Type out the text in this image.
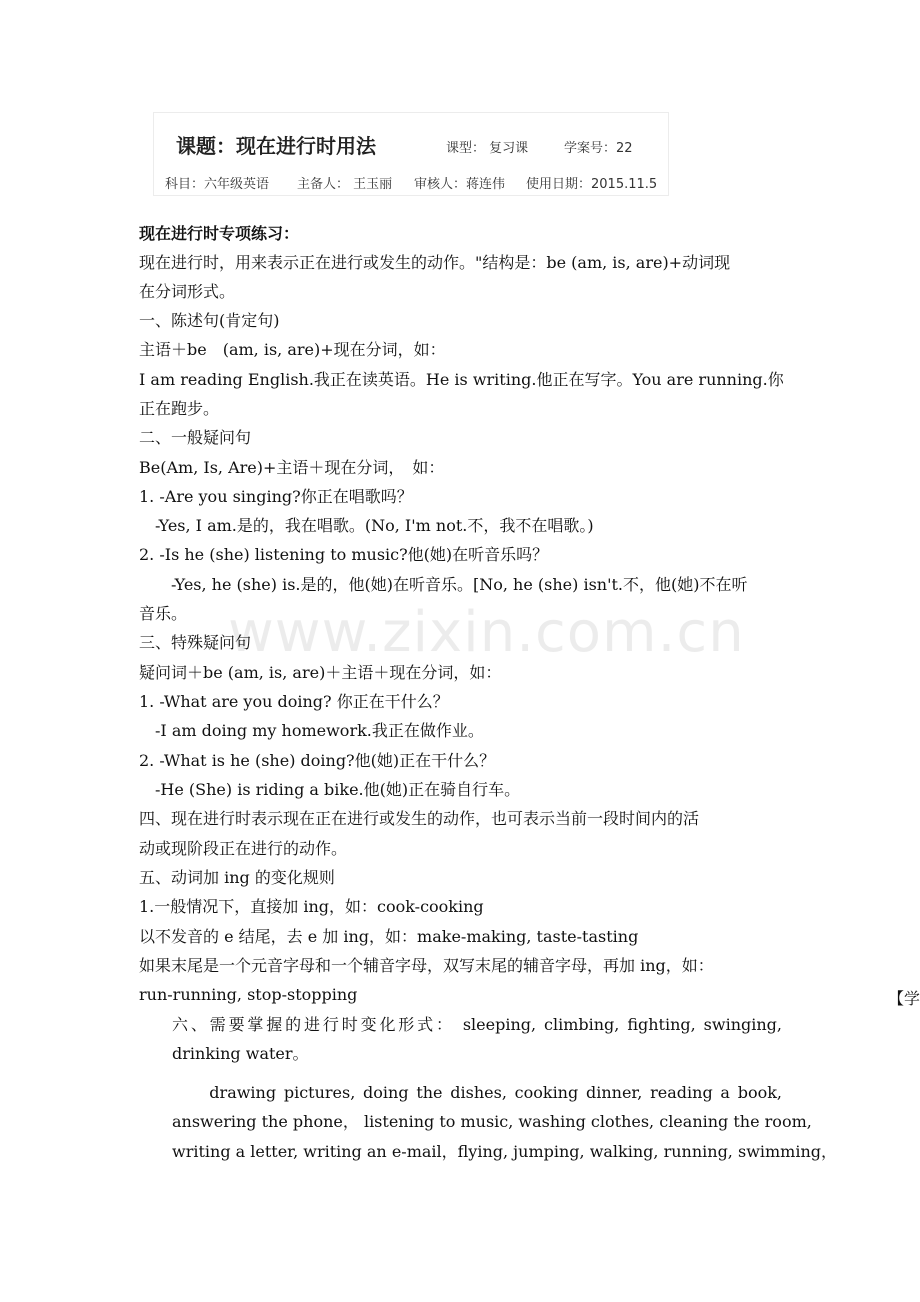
课题：现在进行时用法	课型： 复习课	学案号：22
科目：六年级英语 主备人： 王玉丽 审核人：蒋连伟 使用日期：2015.11.5
www.zixin.com.cn
现在进行时专项练习：
现在进行时，用来表示正在进行或发生的动作。"结构是：be (am, is, are)+动词现
在分词形式。
一、陈述句(肯定句)
主语＋be　(am, is, are)+现在分词，如：
I am reading English.我正在读英语。He is writing.他正在写字。You are running.你
正在跑步。
二、一般疑问句
Be(Am, Is, Are)+主语＋现在分词，　如：
1. -Are you singing?你正在唱歌吗？
　-Yes, I am.是的，我在唱歌。(No, I'm not.不，我不在唱歌。)
2. -Is he (she) listening to music?他(她)在听音乐吗？
　　-Yes, he (she) is.是的，他(她)在听音乐。[No, he (she) isn't.不，他(她)不在听
音乐。
三、特殊疑问句
疑问词＋be (am, is, are)＋主语＋现在分词，如：
1. -What are you doing? 你正在干什么？
　-I am doing my homework.我正在做作业。
2. -What is he (she) doing?他(她)正在干什么？
　-He (She) is riding a bike.他(她)正在骑自行车。
四、现在进行时表示现在正在进行或发生的动作，也可表示当前一段时间内的活
动或现阶段正在进行的动作。
五、动词加 ing 的变化规则
1.一般情况下，直接加 ing，如：cook-cooking
以不发音的 e 结尾，去 e 加 ing，如：make-making, taste-tasting
如果末尾是一个元音字母和一个辅音字母，双写末尾的辅音字母，再加 ing，如：
run-running, stop-stopping
六、需要掌握的进行时变化形式： sleeping, climbing, fighting, swinging,
drinking water。
　　drawing pictures, doing the dishes, cooking dinner, reading a book,
answering the phone， listening to music, washing clothes, cleaning the room,
writing a letter, writing an e-mail，flying, jumping, walking, running, swimming，
【学
